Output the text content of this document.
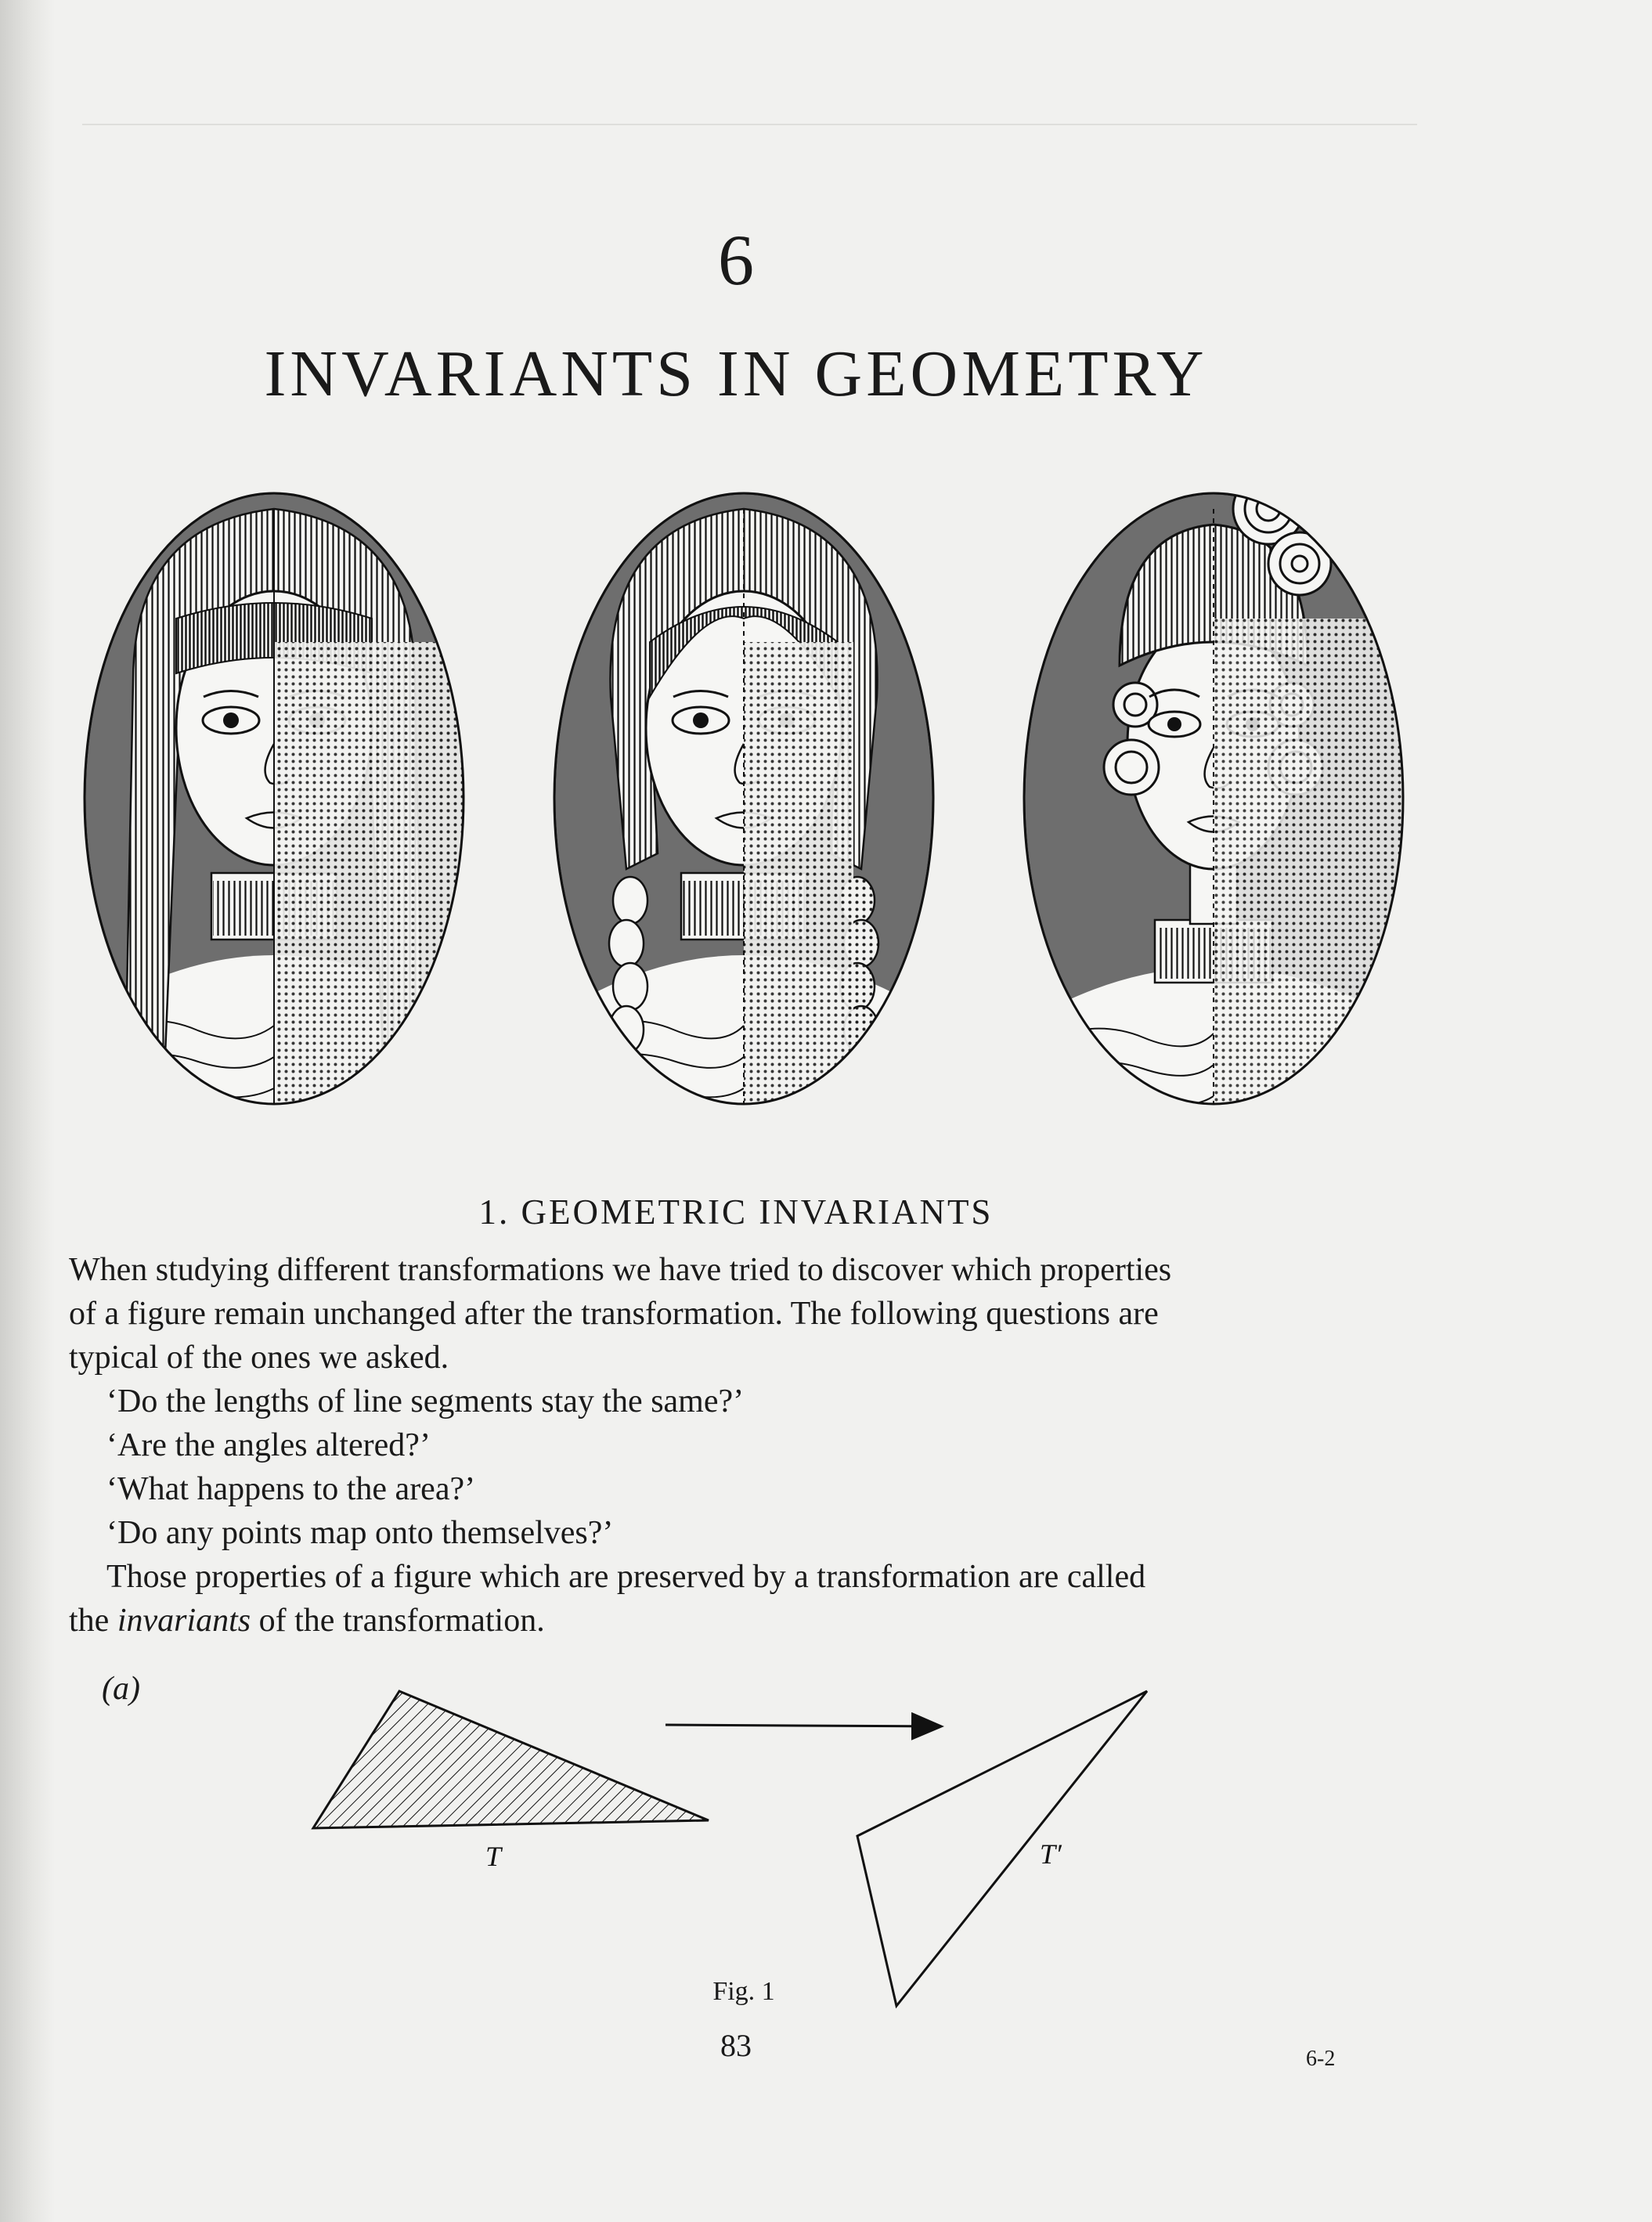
6
INVARIANTS IN GEOMETRY
1. GEOMETRIC INVARIANTS

When studying different transformations we have tried to discover which properties

of a figure remain unchanged after the transformation. The following questions are

typical of the ones we asked.

‘Do the lengths of line segments stay the same?’

‘Are the angles altered?’

‘What happens to the area?’

‘Do any points map onto themselves?’

Those properties of a figure which are preserved by a transformation are called

the invariants of the transformation.

(a)
T	T′
Fig. 1
83	6-2
